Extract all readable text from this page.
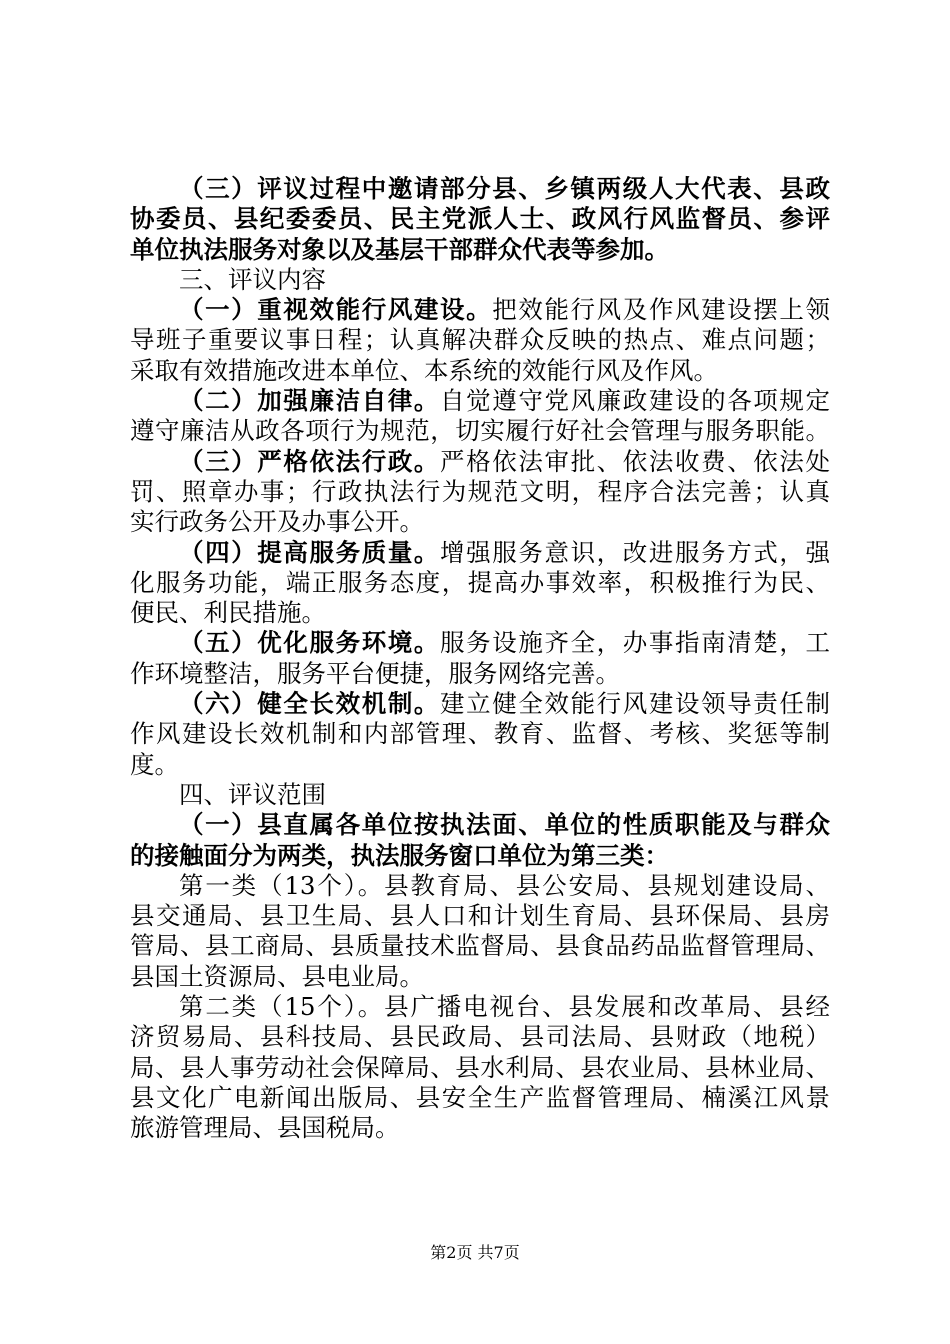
（三）评议过程中邀请部分县、乡镇两级人大代表、县政
协委员、县纪委委员、民主党派人士、政风行风监督员、参评
单位执法服务对象以及基层干部群众代表等参加。
三、评议内容
（一）重视效能行风建设。把效能行风及作风建设摆上领
导班子重要议事日程；认真解决群众反映的热点、难点问题；
采取有效措施改进本单位、本系统的效能行风及作风。
（二）加强廉洁自律。自觉遵守党风廉政建设的各项规定
遵守廉洁从政各项行为规范，切实履行好社会管理与服务职能。
（三）严格依法行政。严格依法审批、依法收费、依法处
罚、照章办事；行政执法行为规范文明，程序合法完善；认真
实行政务公开及办事公开。
（四）提高服务质量。增强服务意识，改进服务方式，强
化服务功能，端正服务态度，提高办事效率，积极推行为民、
便民、利民措施。
（五）优化服务环境。服务设施齐全，办事指南清楚，工
作环境整洁，服务平台便捷，服务网络完善。
（六）健全长效机制。建立健全效能行风建设领导责任制
作风建设长效机制和内部管理、教育、监督、考核、奖惩等制
度。
四、评议范围
（一）县直属各单位按执法面、单位的性质职能及与群众
的接触面分为两类，执法服务窗口单位为第三类：
第一类（13个）。县教育局、县公安局、县规划建设局、
县交通局、县卫生局、县人口和计划生育局、县环保局、县房
管局、县工商局、县质量技术监督局、县食品药品监督管理局、
县国土资源局、县电业局。
第二类（15个）。县广播电视台、县发展和改革局、县经
济贸易局、县科技局、县民政局、县司法局、县财政（地税）
局、县人事劳动社会保障局、县水利局、县农业局、县林业局、
县文化广电新闻出版局、县安全生产监督管理局、楠溪江风景
旅游管理局、县国税局。
第2页 共7页
